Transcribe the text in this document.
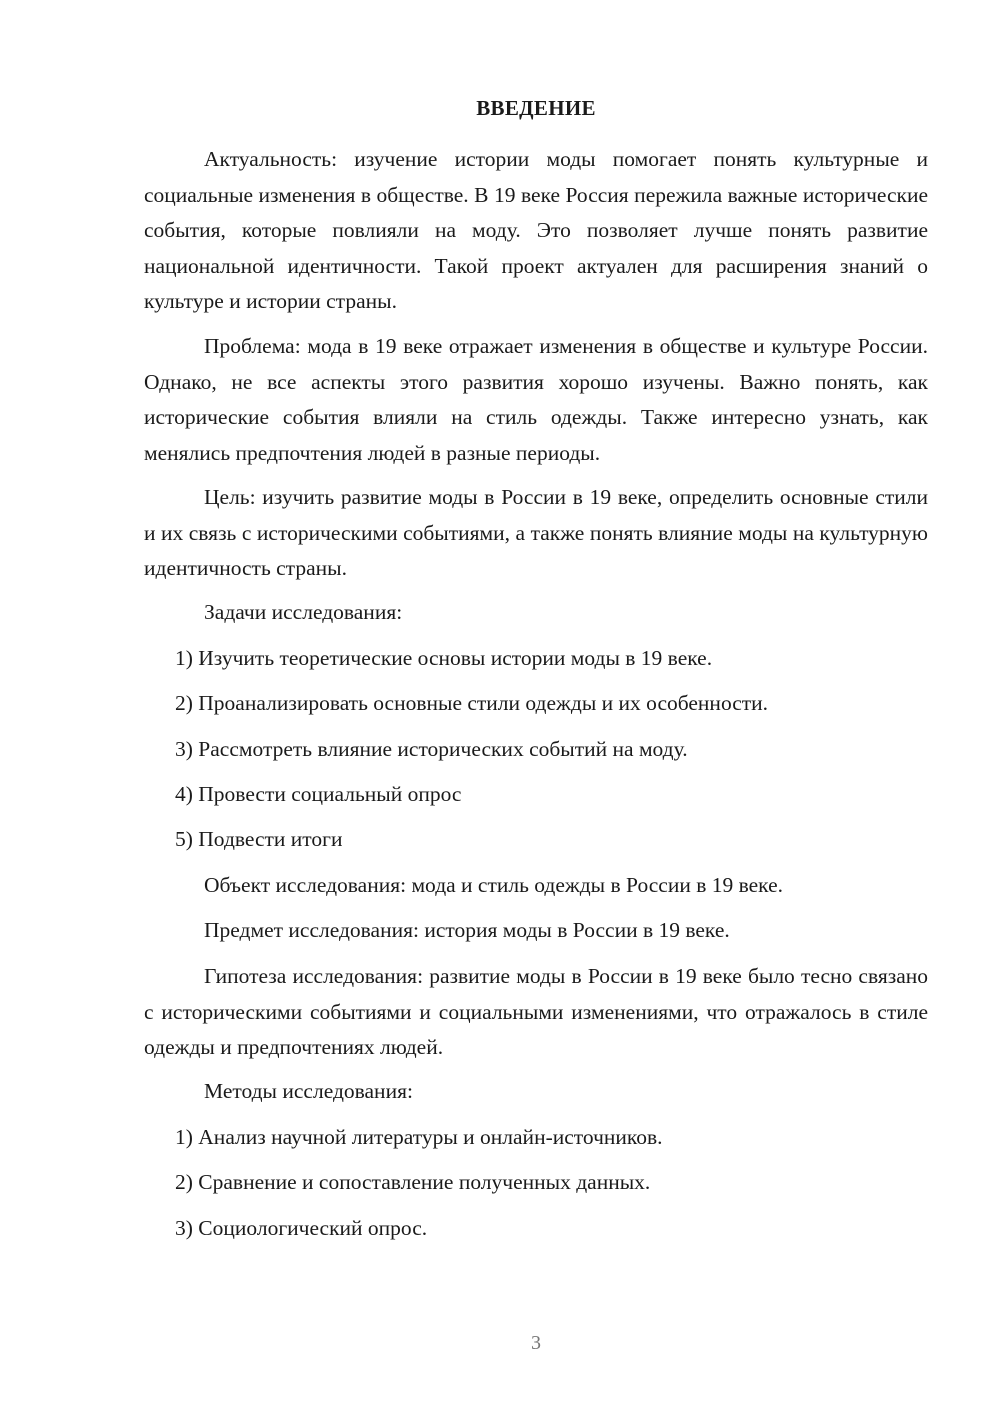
ВВЕДЕНИЕ
Актуальность: изучение истории моды помогает понять культурные и социальные изменения в обществе. В 19 веке Россия пережила важные исторические события, которые повлияли на моду. Это позволяет лучше понять развитие национальной идентичности. Такой проект актуален для расширения знаний о культуре и истории страны.
Проблема: мода в 19 веке отражает изменения в обществе и культуре России. Однако, не все аспекты этого развития хорошо изучены. Важно понять, как исторические события влияли на стиль одежды. Также интересно узнать, как менялись предпочтения людей в разные периоды.
Цель: изучить развитие моды в России в 19 веке, определить основные стили и их связь с историческими событиями, а также понять влияние моды на культурную идентичность страны.
Задачи исследования:
1) Изучить теоретические основы истории моды в 19 веке.
2) Проанализировать основные стили одежды и их особенности.
3) Рассмотреть влияние исторических событий на моду.
4) Провести социальный опрос
5) Подвести итоги
Объект исследования: мода и стиль одежды в России в 19 веке.
Предмет исследования: история моды в России в 19 веке.
Гипотеза исследования: развитие моды в России в 19 веке было тесно связано с историческими событиями и социальными изменениями, что отражалось в стиле одежды и предпочтениях людей.
Методы исследования:
1) Анализ научной литературы и онлайн-источников.
2) Сравнение и сопоставление полученных данных.
3) Социологический опрос.
3
